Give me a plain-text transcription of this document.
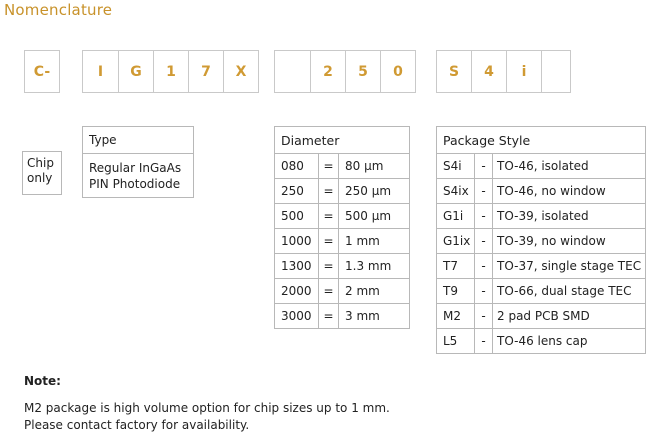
Nomenclature
C-	I	G	1	7	X	2	5	0	S	4	i
Chip
only
Type

Regular InGaAs
PIN Photodiode
Diameter		
080	=	80 µm
250	=	250 µm
500	=	500 µm
1000	=	1 mm
1300	=	1.3 mm
2000	=	2 mm
3000	=	3 mm
Package Style		
S4i	-	TO-46, isolated
S4ix	-	TO-46, no window
G1i	-	TO-39, isolated
G1ix	-	TO-39, no window
T7	-	TO-37, single stage TEC
T9	-	TO-66, dual stage TEC
M2	-	2 pad PCB SMD
L5	-	TO-46 lens cap
Note:
M2 package is high volume option for chip sizes up to 1 mm.
Please contact factory for availability.
